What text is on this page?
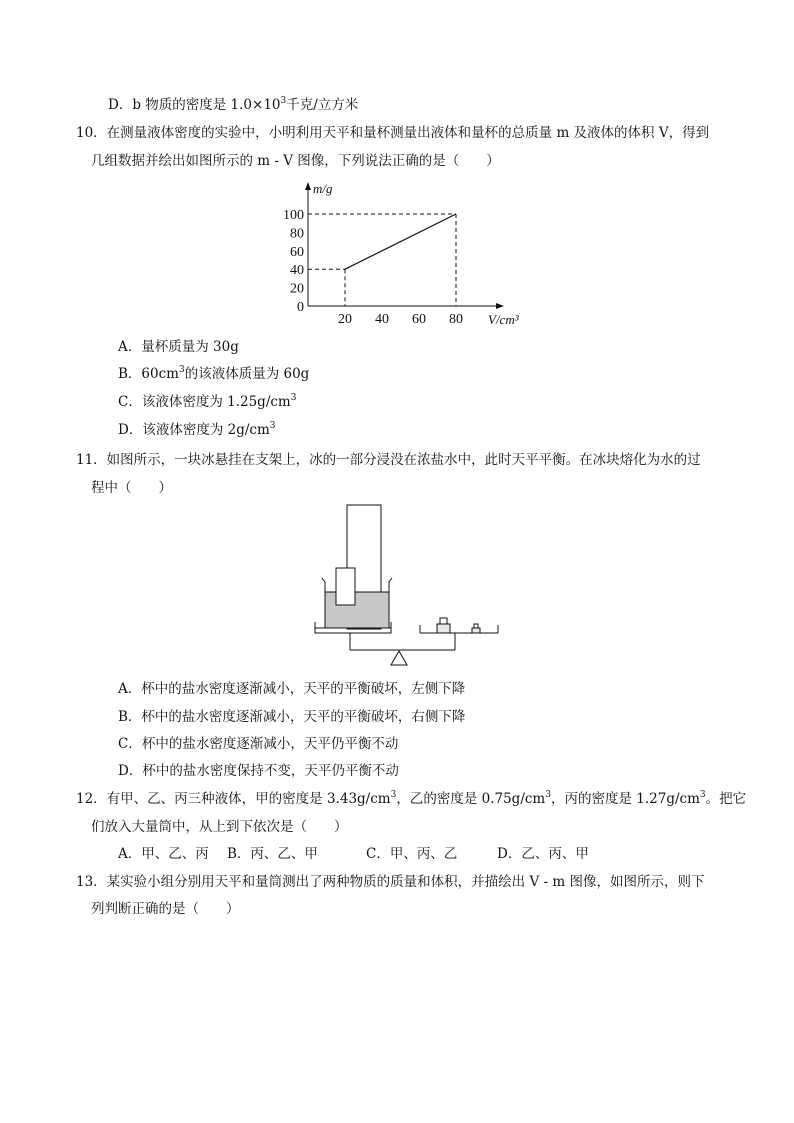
D．b 物质的密度是 $1.0\times 10^3$千克/立方米
10．在测量液体密度的实验中，小明利用天平和量杯测量出液体和量杯的总质量 m 及液体的体积 V，得到
几组数据并绘出如图所示的 m - V 图像，下列说法正确的是（　　）
m/g
V/cm³
0
20
40
60
80
100
20 40 60 80
A．量杯质量为 30g
B．$60cm^3$的该液体质量为 60g
C．该液体密度为 $1.25g/cm^3$
D．该液体密度为 $2g/cm^3$
11．如图所示，一块冰悬挂在支架上，冰的一部分浸没在浓盐水中，此时天平平衡。在冰块熔化为水的过
程中（　　）
A．杯中的盐水密度逐渐减小，天平的平衡破坏，左侧下降
B．杯中的盐水密度逐渐减小，天平的平衡破坏，右侧下降
C．杯中的盐水密度逐渐减小，天平仍平衡不动
D．杯中的盐水密度保持不变，天平仍平衡不动
12．有甲、乙、丙三种液体，甲的密度是 $3.43g/cm^3$，乙的密度是 $0.75g/cm^3$，丙的密度是 $1.27g/cm^3$。把它
们放入大量筒中，从上到下依次是（　　）
A．甲、乙、丙 B．丙、乙、甲	C．甲、丙、乙	D．乙、丙、甲
13．某实验小组分别用天平和量筒测出了两种物质的质量和体积，并描绘出 V - m 图像，如图所示，则下
列判断正确的是（　　）
